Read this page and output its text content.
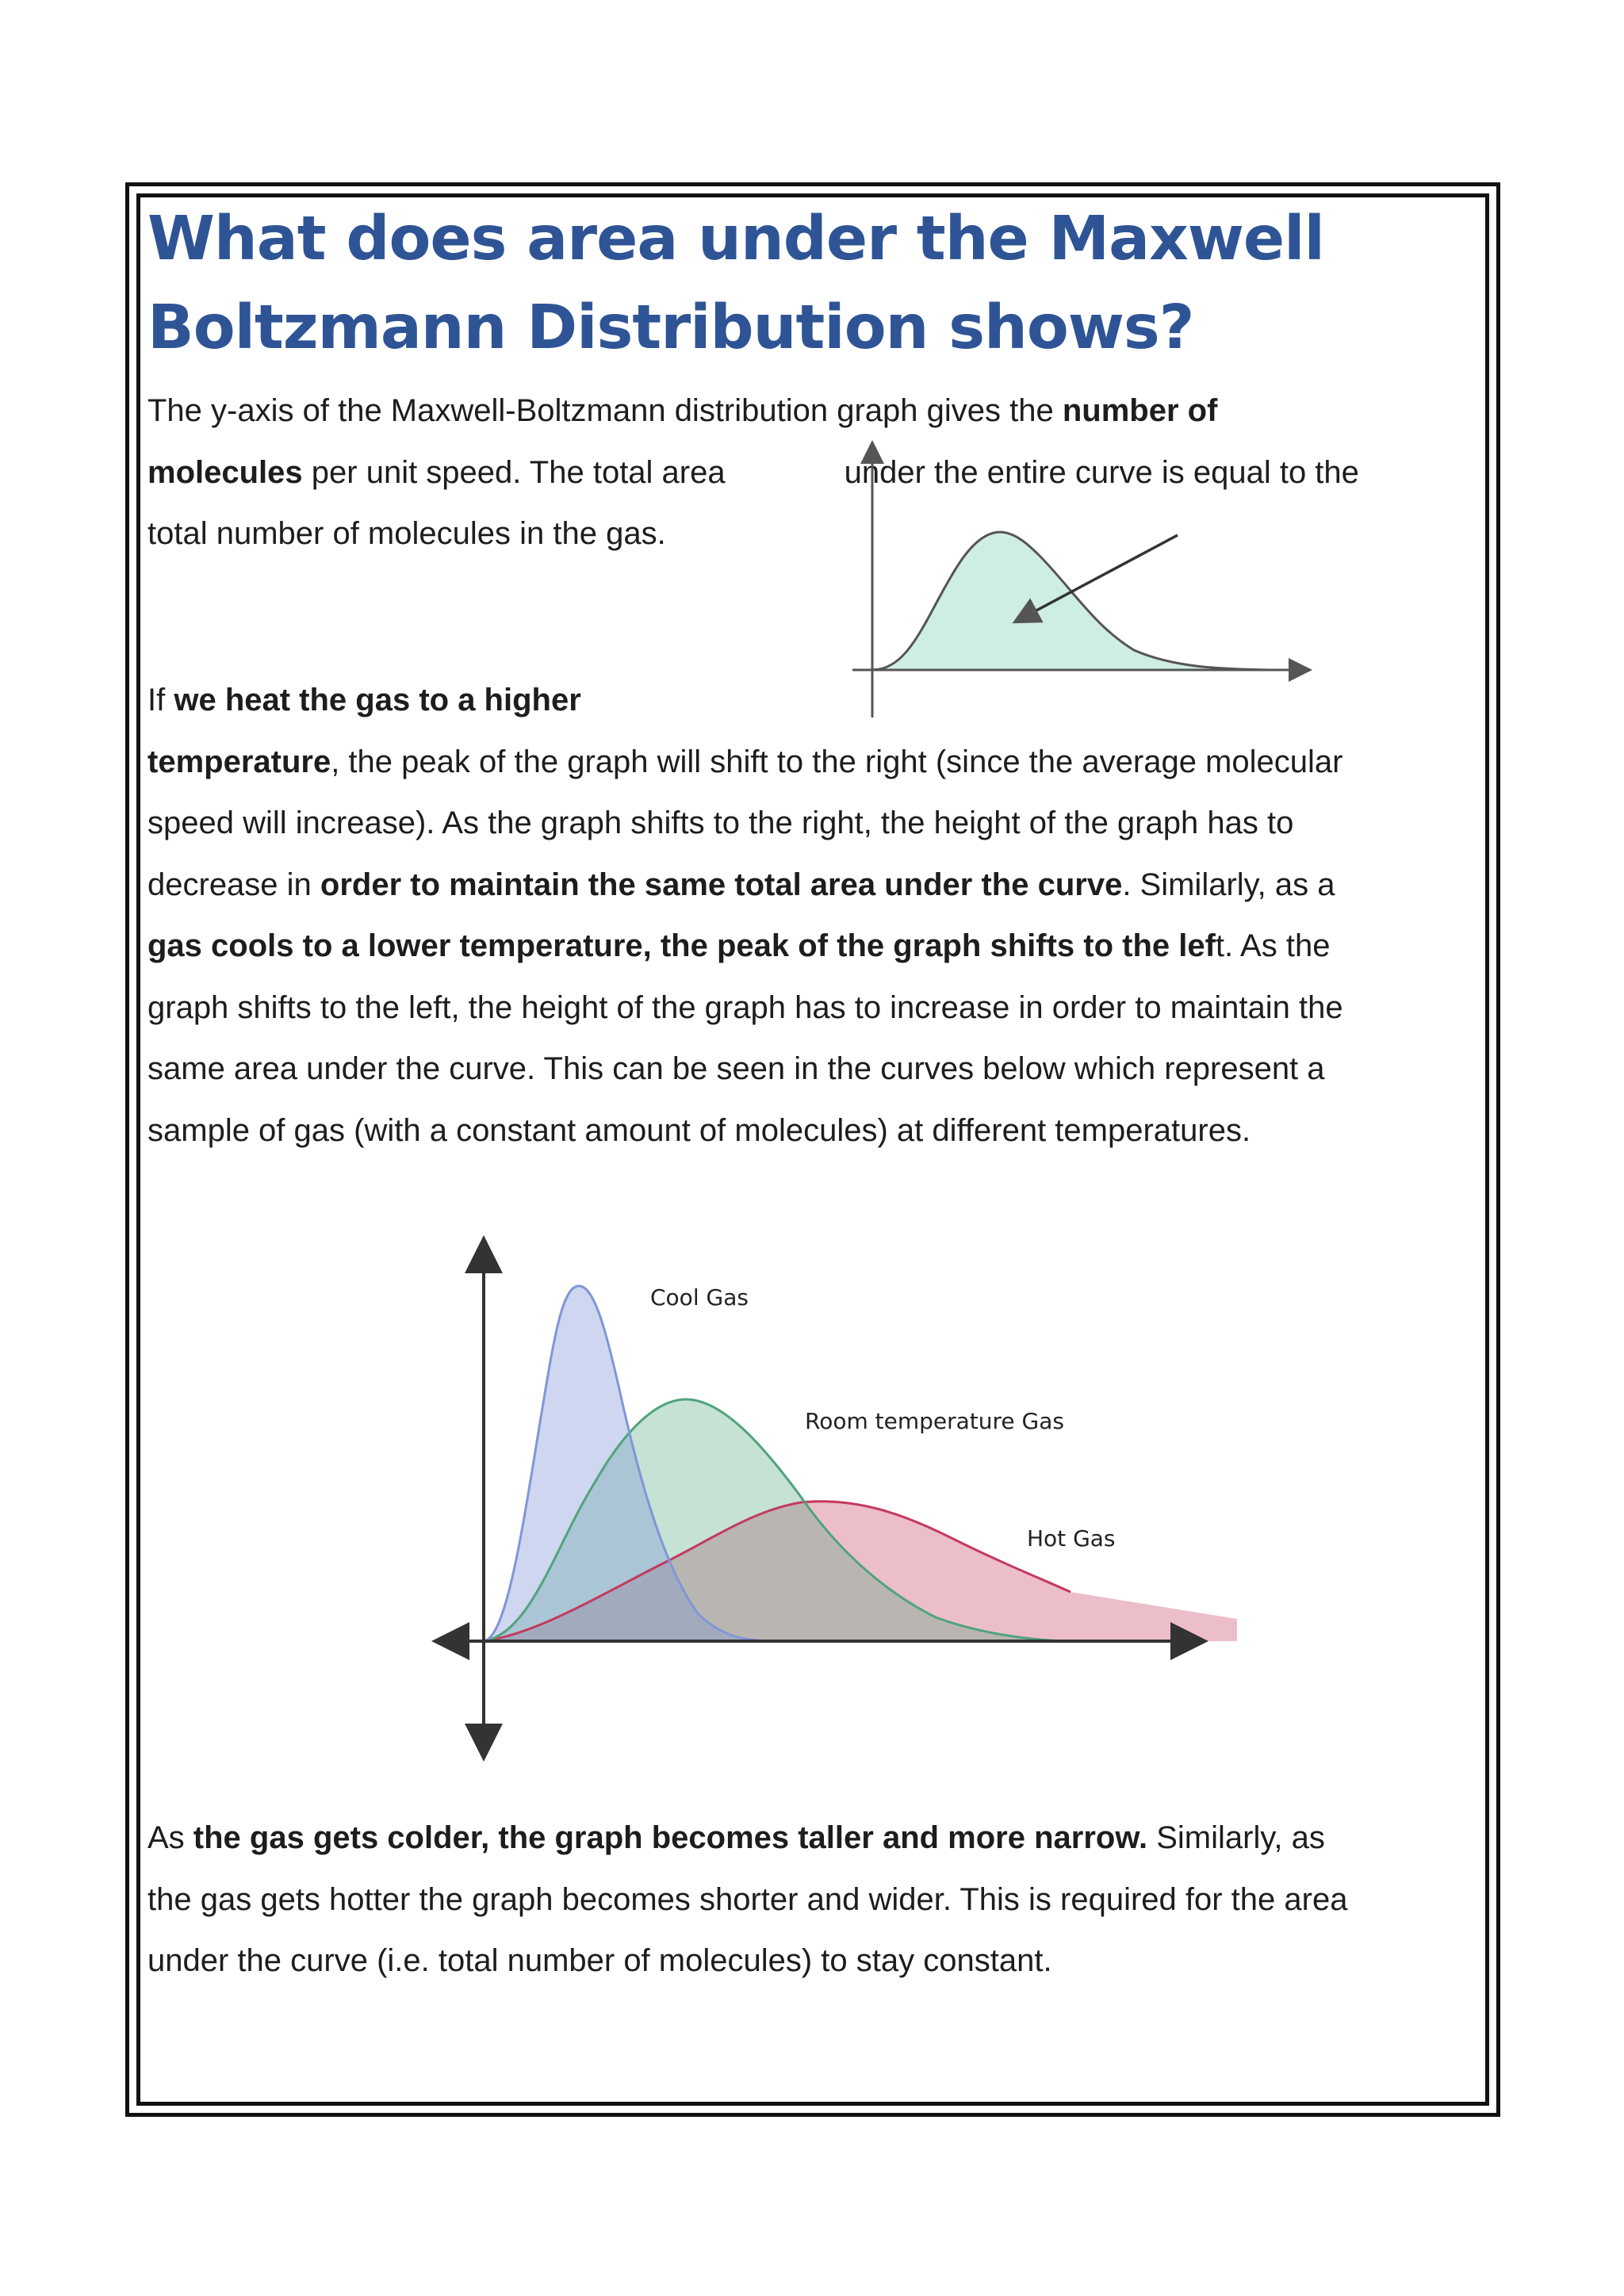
What does area under the Maxwell
Boltzmann Distribution shows?
The y-axis of the Maxwell-Boltzmann distribution graph gives the number of
molecules per unit speed. The total area	under the entire curve is equal to the
total number of molecules in the gas.
If we heat the gas to a higher
temperature, the peak of the graph will shift to the right (since the average molecular
speed will increase). As the graph shifts to the right, the height of the graph has to
decrease in order to maintain the same total area under the curve. Similarly, as a
gas cools to a lower temperature, the peak of the graph shifts to the left. As the
graph shifts to the left, the height of the graph has to increase in order to maintain the
same area under the curve. This can be seen in the curves below which represent a
sample of gas (with a constant amount of molecules) at different temperatures.
Cool Gas
Room temperature Gas
Hot Gas
As the gas gets colder, the graph becomes taller and more narrow. Similarly, as
the gas gets hotter the graph becomes shorter and wider. This is required for the area
under the curve (i.e. total number of molecules) to stay constant.
